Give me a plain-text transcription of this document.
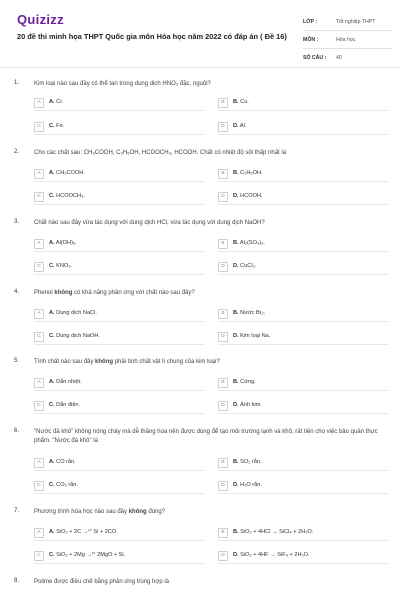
Quizizz
20 đề thi minh họa THPT Quốc gia môn Hóa học năm 2022 có đáp án ( Đề 16)
LỚP :	Tốt nghiệp THPT
MÔN :	Hóa học
SỐ CÂU :	40
1. Kim loại nào sau đây có thể tan trong dung dịch HNO₃ đặc, nguội?
A	A. Cr.	B	B. Cu.
C	C. Fe.	D	D. Al.
2. Cho các chất sau: CH₃COOH, C₂H₅OH, HCOOCH₃, HCOOH. Chất có nhiệt độ sôi thấp nhất là
A	A. CH₃COOH.	B	B. C₂H₅OH.
C	C. HCOOCH₃.	D	D. HCOOH.
3. Chất nào sau đây vừa tác dụng với dung dịch HCl, vừa tác dụng với dung dịch NaOH?
A	A. Al(OH)₃.	B	B. Al₂(SO₄)₃.
C	C. KNO₃.	D	D. CuCl₂.
4. Phenol không có khả năng phản ứng với chất nào sau đây?
A	A. Dung dịch NaCl.	B	B. Nước Br₂.
C	C. Dung dịch NaOH.	D	D. Kim loại Na.
5. Tính chất nào sau đây không phải tính chất vật lí chung của kim loại?
A	A. Dẫn nhiệt.	B	B. Cứng.
C	C. Dẫn điện.	D	D. Ánh kim.
6. "Nước đá khô" không nóng chảy mà dễ thăng hoa nên được dùng để tạo môi trường lạnh và khô, rất tiện cho việc bảo quản thực phẩm. "Nước đá khô" là
A	A. CO rắn.	B	B. SO₂ rắn.
C	C. CO₂ rắn.	D	D. H₂O rắn.
7. Phương trình hóa học nào sau đây không đúng?
A	A. SiO₂ + 2C →ᵗ° Si + 2CO.	B	B. SiO₂ + 4HCl → SiCl₄ + 2H₂O.
C	C. SiO₂ + 2Mg →ᵗ° 2MgO + Si.	D	D. SiO₂ + 4HF → SiF₄ + 2H₂O.
8. Polime được điều chế bằng phản ứng trùng hợp là
